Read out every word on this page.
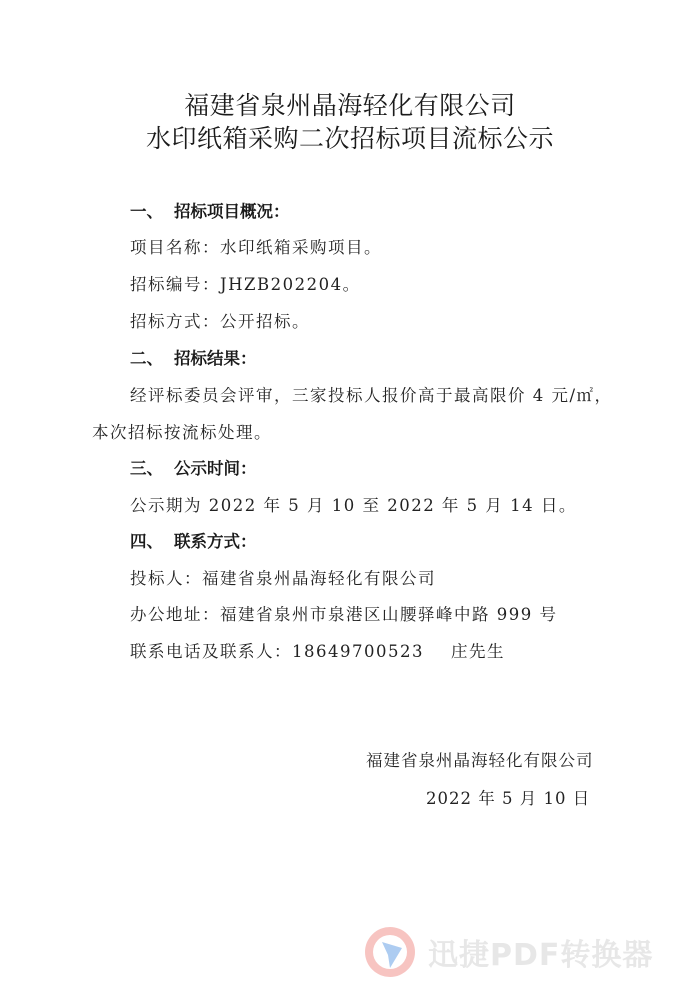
福建省泉州晶海轻化有限公司
水印纸箱采购二次招标项目流标公示
一、 招标项目概况：
项目名称：水印纸箱采购项目。
招标编号：JHZB202204。
招标方式：公开招标。
二、 招标结果：
经评标委员会评审，三家投标人报价高于最高限价 4 元/㎡，
本次招标按流标处理。
三、 公示时间：
公示期为 2022 年 5 月 10 至 2022 年 5 月 14 日。
四、 联系方式：
投标人：福建省泉州晶海轻化有限公司
办公地址：福建省泉州市泉港区山腰驿峰中路 999 号
联系电话及联系人：18649700523    庄先生
福建省泉州晶海轻化有限公司
2022 年 5 月 10 日
迅捷PDF转换器
